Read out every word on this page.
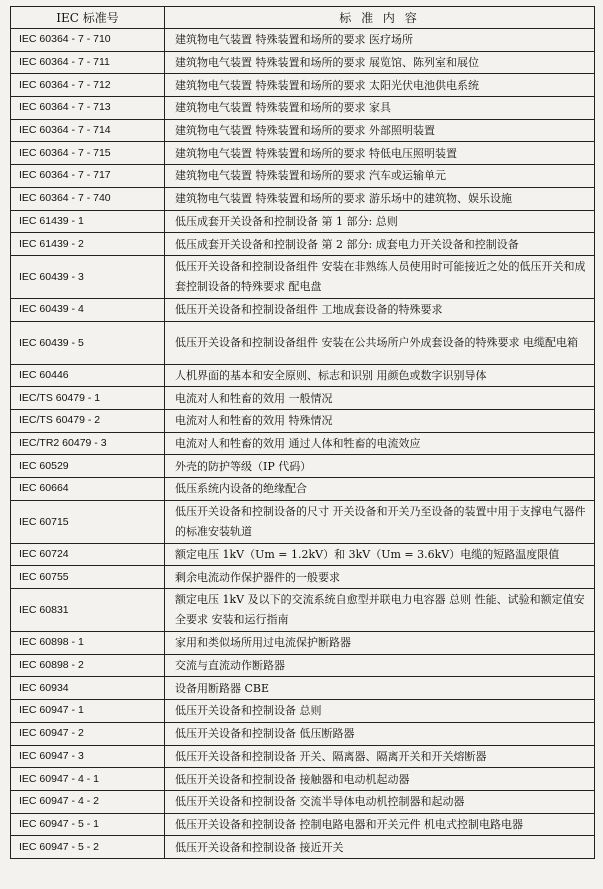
IEC 标准号	标 准 内 容
IEC 60364 - 7 - 710	建筑物电气装置 特殊装置和场所的要求 医疗场所
IEC 60364 - 7 - 711	建筑物电气装置 特殊装置和场所的要求 展览馆、陈列室和展位
IEC 60364 - 7 - 712	建筑物电气装置 特殊装置和场所的要求 太阳光伏电池供电系统
IEC 60364 - 7 - 713	建筑物电气装置 特殊装置和场所的要求 家具
IEC 60364 - 7 - 714	建筑物电气装置 特殊装置和场所的要求 外部照明装置
IEC 60364 - 7 - 715	建筑物电气装置 特殊装置和场所的要求 特低电压照明装置
IEC 60364 - 7 - 717	建筑物电气装置 特殊装置和场所的要求 汽车或运输单元
IEC 60364 - 7 - 740	建筑物电气装置 特殊装置和场所的要求 游乐场中的建筑物、娱乐设施
IEC 61439 - 1	低压成套开关设备和控制设备 第 1 部分: 总则
IEC 61439 - 2	低压成套开关设备和控制设备 第 2 部分: 成套电力开关设备和控制设备
IEC 60439 - 3	低压开关设备和控制设备组件 安装在非熟练人员使用时可能接近之处的低压开关和成套控制设备的特殊要求 配电盘
IEC 60439 - 4	低压开关设备和控制设备组件 工地成套设备的特殊要求
IEC 60439 - 5	低压开关设备和控制设备组件 安装在公共场所户外成套设备的特殊要求 电缆配电箱
IEC 60446	人机界面的基本和安全原则、标志和识别 用颜色或数字识别导体
IEC/TS 60479 - 1	电流对人和牲畜的效用 一般情况
IEC/TS 60479 - 2	电流对人和牲畜的效用 特殊情况
IEC/TR2 60479 - 3	电流对人和牲畜的效用 通过人体和牲畜的电流效应
IEC 60529	外壳的防护等级（IP 代码）
IEC 60664	低压系统内设备的绝缘配合
IEC 60715	低压开关设备和控制设备的尺寸 开关设备和开关乃至设备的装置中用于支撑电气器件的标准安装轨道
IEC 60724	额定电压 1kV（Um = 1.2kV）和 3kV（Um = 3.6kV）电缆的短路温度限值
IEC 60755	剩余电流动作保护器件的一般要求
IEC 60831	额定电压 1kV 及以下的交流系统自愈型并联电力电容器 总则 性能、试验和额定值安全要求 安装和运行指南
IEC 60898 - 1	家用和类似场所用过电流保护断路器
IEC 60898 - 2	交流与直流动作断路器
IEC 60934	设备用断路器 CBE
IEC 60947 - 1	低压开关设备和控制设备 总则
IEC 60947 - 2	低压开关设备和控制设备 低压断路器
IEC 60947 - 3	低压开关设备和控制设备 开关、隔离器、隔离开关和开关熔断器
IEC 60947 - 4 - 1	低压开关设备和控制设备 接触器和电动机起动器
IEC 60947 - 4 - 2	低压开关设备和控制设备 交流半导体电动机控制器和起动器
IEC 60947 - 5 - 1	低压开关设备和控制设备 控制电路电器和开关元件 机电式控制电路电器
IEC 60947 - 5 - 2	低压开关设备和控制设备 接近开关
